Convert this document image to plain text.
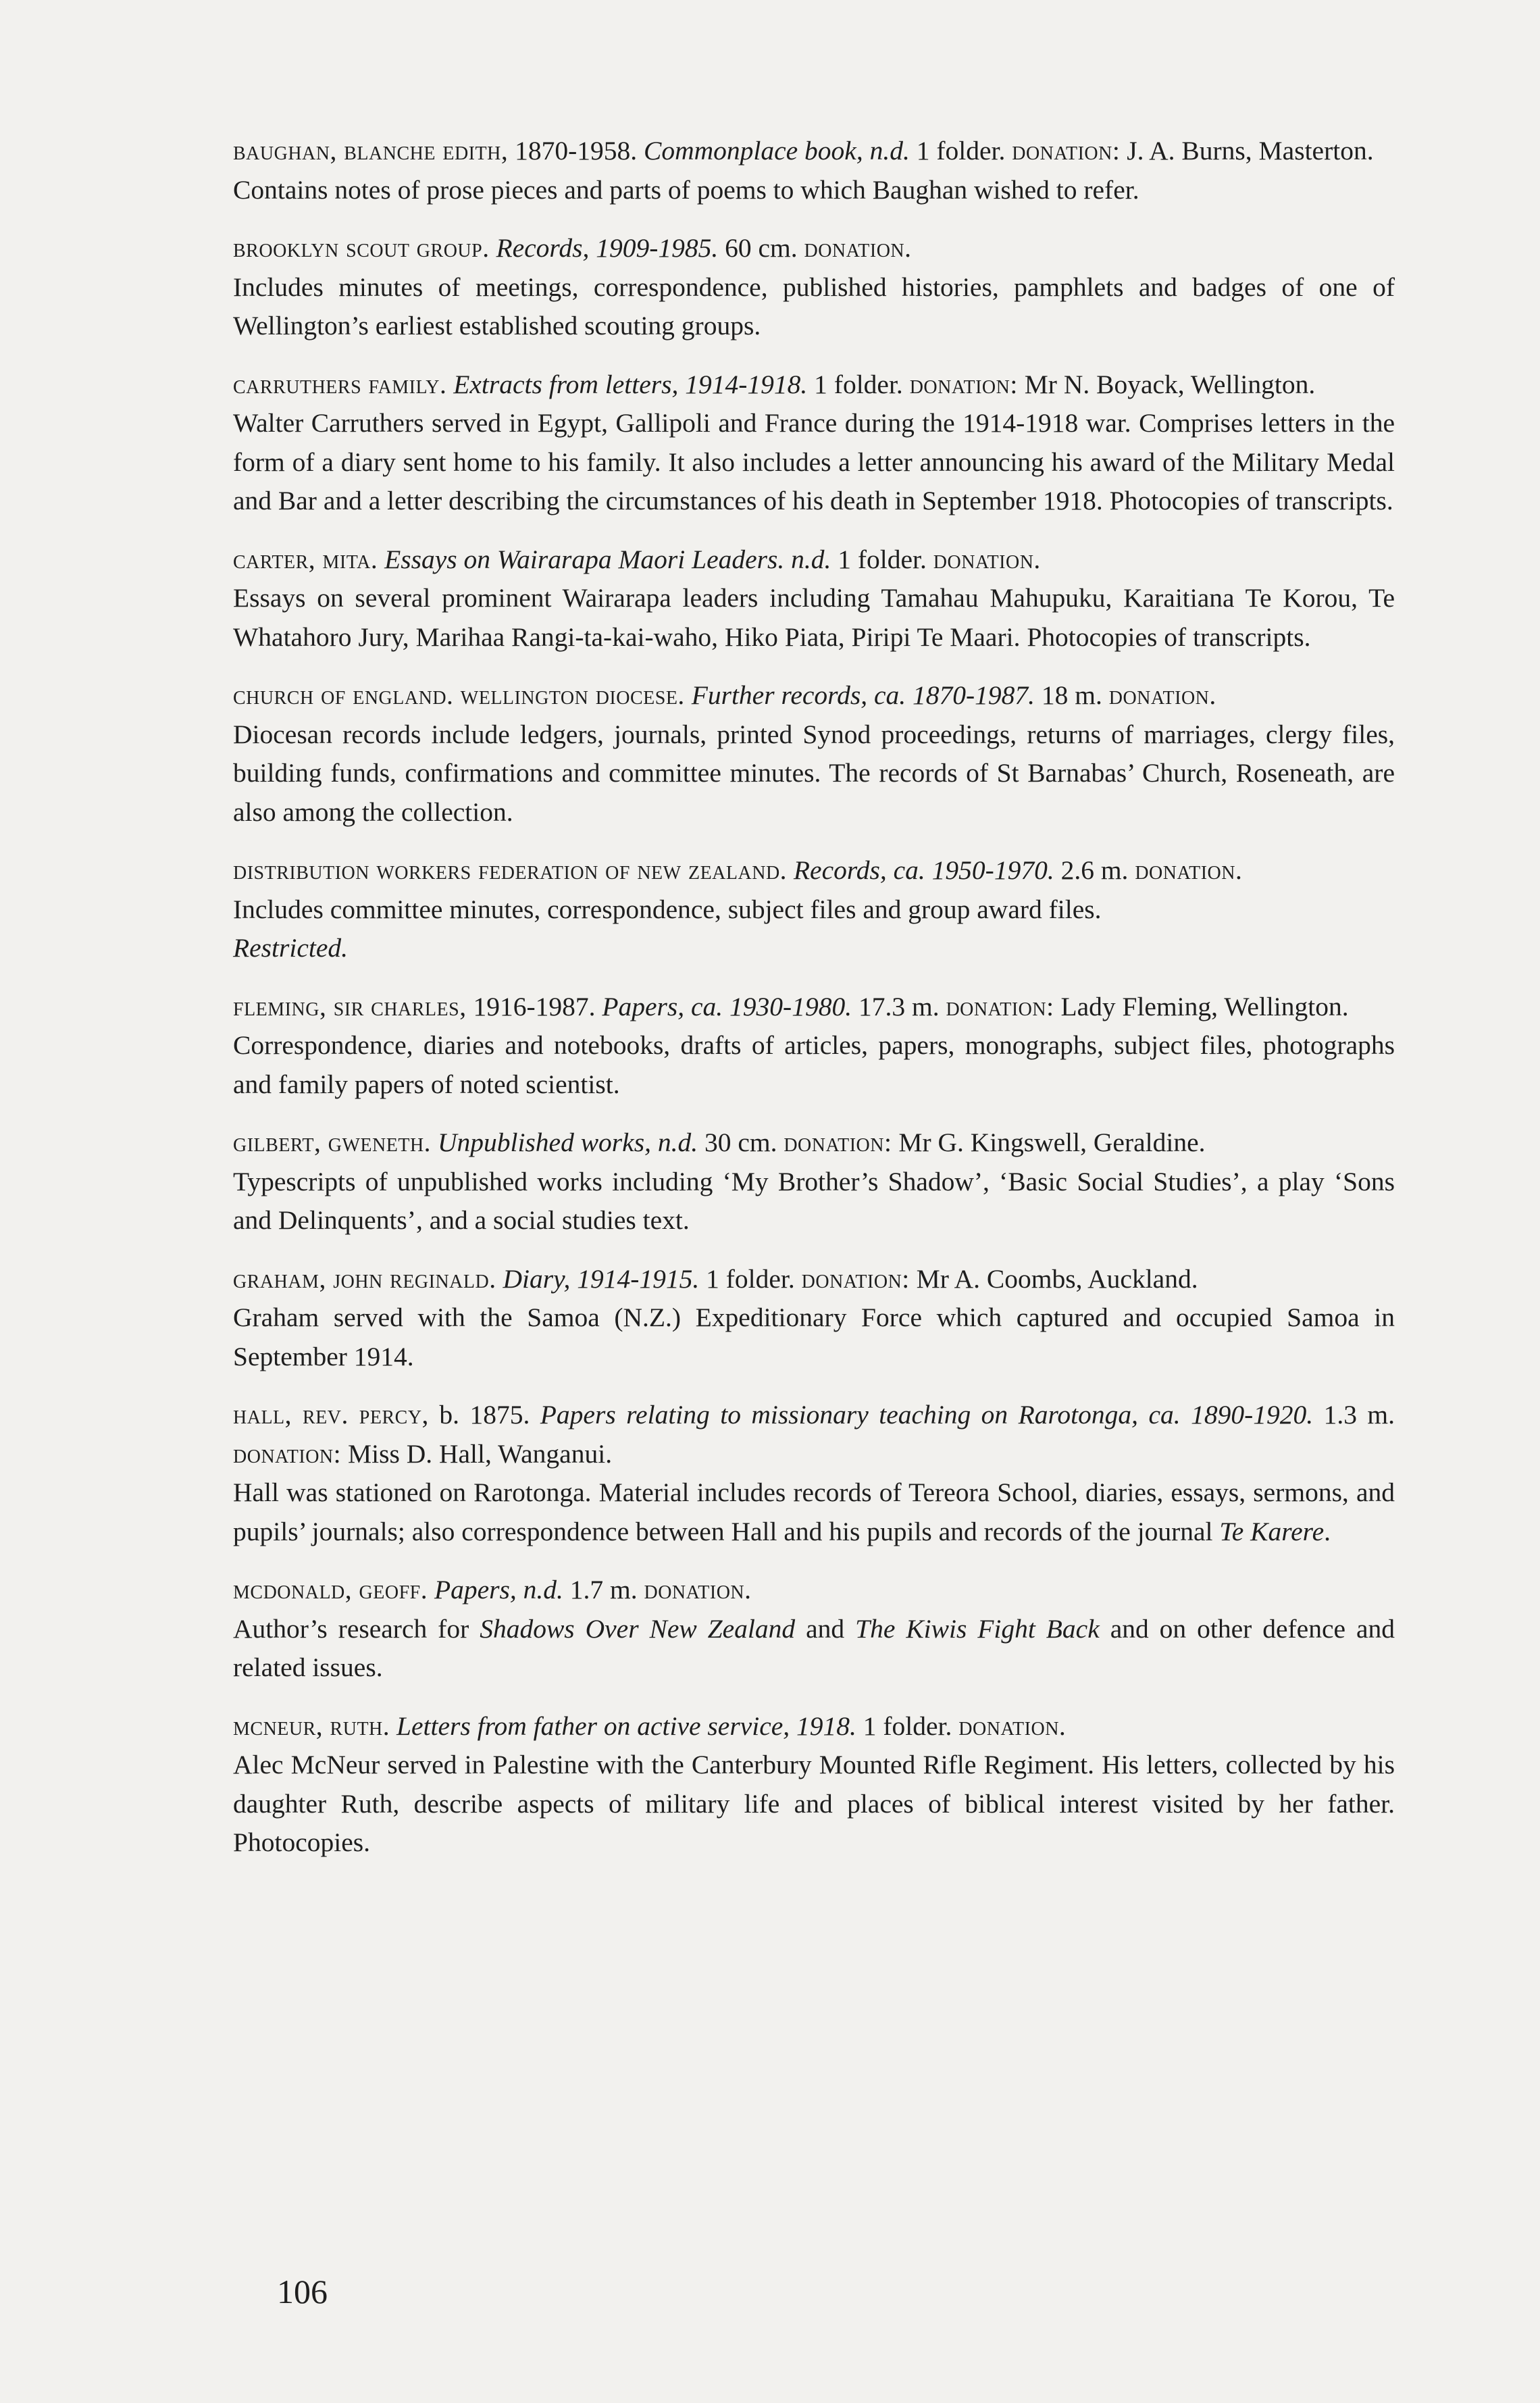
baughan, blanche edith, 1870-1958. Commonplace book, n.d. 1 folder. donation: J. A. Burns, Masterton.

Contains notes of prose pieces and parts of poems to which Baughan wished to refer.

brooklyn scout group. Records, 1909-1985. 60 cm. donation.

Includes minutes of meetings, correspondence, published histories, pamphlets and badges of one of Wellington’s earliest established scouting groups.

carruthers family. Extracts from letters, 1914-1918. 1 folder. donation: Mr N. Boyack, Wellington.

Walter Carruthers served in Egypt, Gallipoli and France during the 1914-1918 war. Comprises letters in the form of a diary sent home to his family. It also includes a letter announcing his award of the Military Medal and Bar and a letter describing the circumstances of his death in September 1918. Photocopies of transcripts.

carter, mita. Essays on Wairarapa Maori Leaders. n.d. 1 folder. donation.

Essays on several prominent Wairarapa leaders including Tamahau Mahupuku, Karaitiana Te Korou, Te Whatahoro Jury, Marihaa Rangi-ta-kai-waho, Hiko Piata, Piripi Te Maari. Photocopies of transcripts.

church of england. wellington diocese. Further records, ca. 1870-1987. 18 m. donation.

Diocesan records include ledgers, journals, printed Synod proceedings, returns of marriages, clergy files, building funds, confirmations and committee minutes. The records of St Barnabas’ Church, Roseneath, are also among the collection.

distribution workers federation of new zealand. Records, ca. 1950-1970. 2.6 m. donation.

Includes committee minutes, correspondence, subject files and group award files.

Restricted.

fleming, sir charles, 1916-1987. Papers, ca. 1930-1980. 17.3 m. donation: Lady Fleming, Wellington.

Correspondence, diaries and notebooks, drafts of articles, papers, monographs, subject files, photographs and family papers of noted scientist.

gilbert, gweneth. Unpublished works, n.d. 30 cm. donation: Mr G. Kingswell, Geraldine.

Typescripts of unpublished works including ‘My Brother’s Shadow’, ‘Basic Social Studies’, a play ‘Sons and Delinquents’, and a social studies text.

graham, john reginald. Diary, 1914-1915. 1 folder. donation: Mr A. Coombs, Auckland.

Graham served with the Samoa (N.Z.) Expeditionary Force which captured and occupied Samoa in September 1914.

hall, rev. percy, b. 1875. Papers relating to missionary teaching on Rarotonga, ca. 1890-1920. 1.3 m. donation: Miss D. Hall, Wanganui.

Hall was stationed on Rarotonga. Material includes records of Tereora School, diaries, essays, sermons, and pupils’ journals; also correspondence between Hall and his pupils and records of the journal Te Karere.

mcdonald, geoff. Papers, n.d. 1.7 m. donation.

Author’s research for Shadows Over New Zealand and The Kiwis Fight Back and on other defence and related issues.

mcneur, ruth. Letters from father on active service, 1918. 1 folder. donation.

Alec McNeur served in Palestine with the Canterbury Mounted Rifle Regiment. His letters, collected by his daughter Ruth, describe aspects of military life and places of biblical interest visited by her father. Photocopies.

106
